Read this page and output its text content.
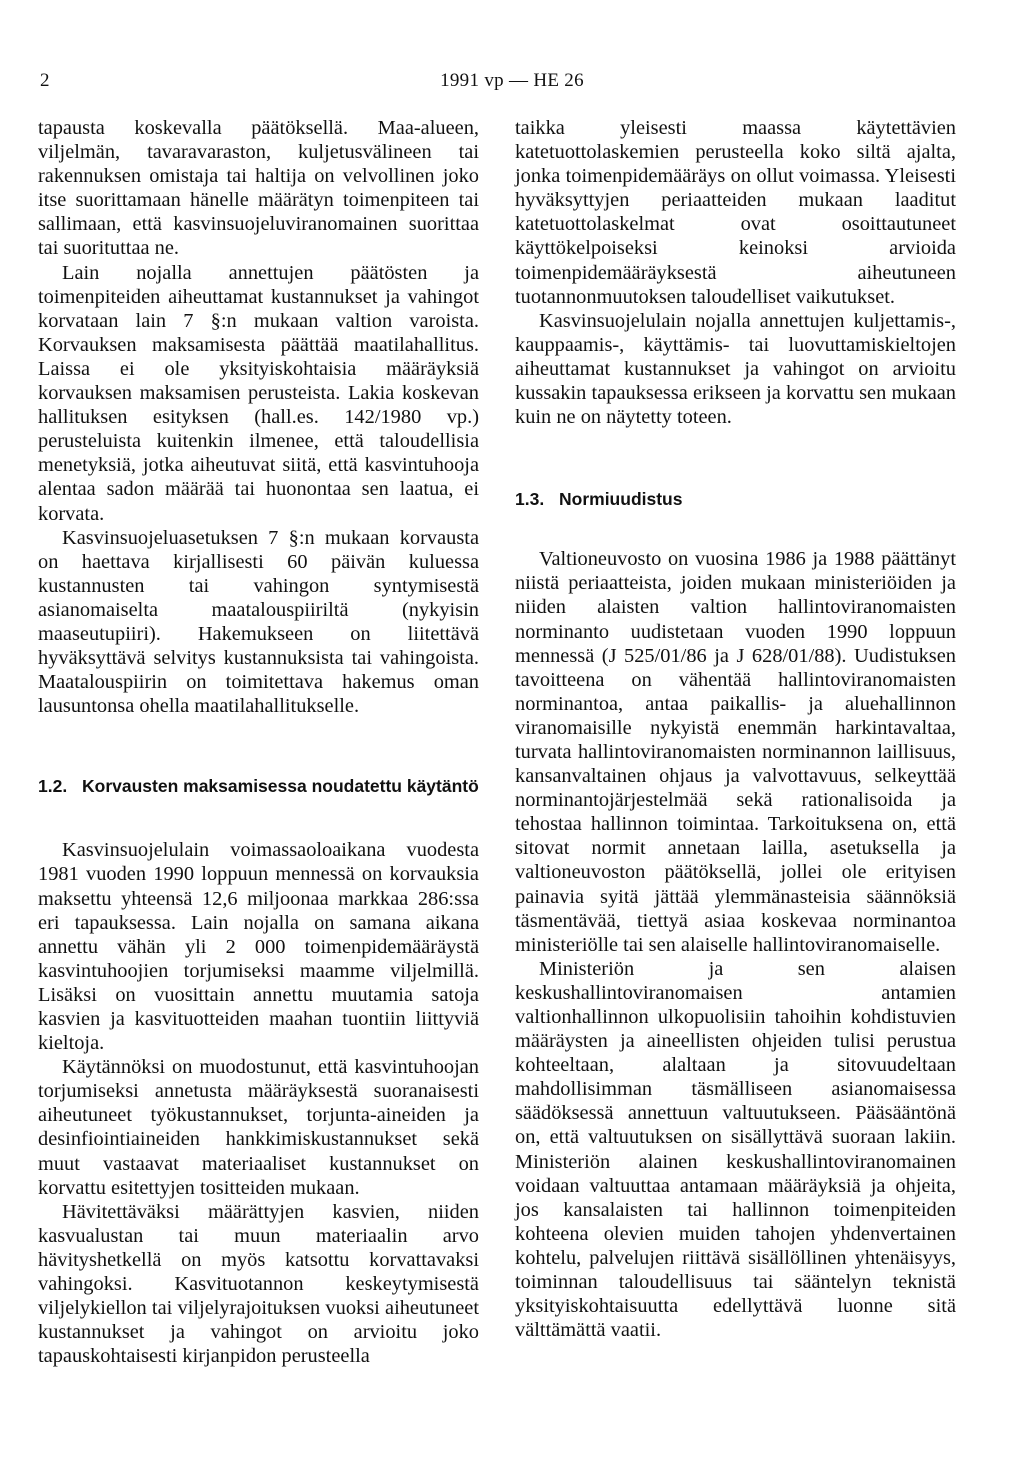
2	1991 vp — HE 26

tapausta koskevalla päätöksellä. Maa-alueen, viljelmän, tavaravaraston, kuljetusvälineen tai rakennuksen omistaja tai haltija on velvollinen joko itse suorittamaan hänelle määrätyn toimenpiteen tai sallimaan, että kasvinsuojeluviranomainen suorittaa tai suorituttaa ne.

Lain nojalla annettujen päätösten ja toimenpiteiden aiheuttamat kustannukset ja vahingot korvataan lain 7 §:n mukaan valtion varoista. Korvauksen maksamisesta päättää maatilahallitus. Laissa ei ole yksityiskohtaisia määräyksiä korvauksen maksamisen perusteista. Lakia koskevan hallituksen esityksen (hall.es. 142/1980 vp.) perusteluista kuitenkin ilmenee, että taloudellisia menetyksiä, jotka aiheutuvat siitä, että kasvintuhooja alentaa sadon määrää tai huonontaa sen laatua, ei korvata.

Kasvinsuojeluasetuksen 7 §:n mukaan korvausta on haettava kirjallisesti 60 päivän kuluessa kustannusten tai vahingon syntymisestä asianomaiselta maatalouspiiriltä (nykyisin maaseutupiiri). Hakemukseen on liitettävä hyväksyttävä selvitys kustannuksista tai vahingoista. Maatalouspiirin on toimitettava hakemus oman lausuntonsa ohella maatilahallitukselle.

1.2. Korvausten maksamisessa noudatettu käytäntö

Kasvinsuojelulain voimassaoloaikana vuodesta 1981 vuoden 1990 loppuun mennessä on korvauksia maksettu yhteensä 12,6 miljoonaa markkaa 286:ssa eri tapauksessa. Lain nojalla on samana aikana annettu vähän yli 2 000 toimenpidemääräystä kasvintuhoojien torjumiseksi maamme viljelmillä. Lisäksi on vuosittain annettu muutamia satoja kasvien ja kasvituotteiden maahan tuontiin liittyviä kieltoja.

Käytännöksi on muodostunut, että kasvintuhoojan torjumiseksi annetusta määräyksestä suoranaisesti aiheutuneet työkustannukset, torjunta-aineiden ja desinfiointiaineiden hankkimiskustannukset sekä muut vastaavat materiaaliset kustannukset on korvattu esitettyjen tositteiden mukaan.

Hävitettäväksi määrättyjen kasvien, niiden kasvualustan tai muun materiaalin arvo hävityshetkellä on myös katsottu korvattavaksi vahingoksi. Kasvituotannon keskeytymisestä viljelykiellon tai viljelyrajoituksen vuoksi aiheutuneet kustannukset ja vahingot on arvioitu joko tapauskohtaisesti kirjanpidon perusteella

taikka yleisesti maassa käytettävien katetuottolaskemien perusteella koko siltä ajalta, jonka toimenpidemääräys on ollut voimassa. Yleisesti hyväksyttyjen periaatteiden mukaan laaditut katetuottolaskelmat ovat osoittautuneet käyttökelpoiseksi keinoksi arvioida toimenpidemääräyksestä aiheutuneen tuotannonmuutoksen taloudelliset vaikutukset.

Kasvinsuojelulain nojalla annettujen kuljettamis-, kauppaamis-, käyttämis- tai luovuttamiskieltojen aiheuttamat kustannukset ja vahingot on arvioitu kussakin tapauksessa erikseen ja korvattu sen mukaan kuin ne on näytetty toteen.

1.3. Normiuudistus

Valtioneuvosto on vuosina 1986 ja 1988 päättänyt niistä periaatteista, joiden mukaan ministeriöiden ja niiden alaisten valtion hallintoviranomaisten norminanto uudistetaan vuoden 1990 loppuun mennessä (J 525/01/86 ja J 628/01/88). Uudistuksen tavoitteena on vähentää hallintoviranomaisten norminantoa, antaa paikallis- ja aluehallinnon viranomaisille nykyistä enemmän harkintavaltaa, turvata hallintoviranomaisten norminannon laillisuus, kansanvaltainen ohjaus ja valvottavuus, selkeyttää norminantojärjestelmää sekä rationalisoida ja tehostaa hallinnon toimintaa. Tarkoituksena on, että sitovat normit annetaan lailla, asetuksella ja valtioneuvoston päätöksellä, jollei ole erityisen painavia syitä jättää ylemmänasteisia säännöksiä täsmentävää, tiettyä asiaa koskevaa norminantoa ministeriölle tai sen alaiselle hallintoviranomaiselle.

Ministeriön ja sen alaisen keskushallintoviranomaisen antamien valtionhallinnon ulkopuolisiin tahoihin kohdistuvien määräysten ja aineellisten ohjeiden tulisi perustua kohteeltaan, alaltaan ja sitovuudeltaan mahdollisimman täsmälliseen asianomaisessa säädöksessä annettuun valtuutukseen. Pääsääntönä on, että valtuutuksen on sisällyttävä suoraan lakiin. Ministeriön alainen keskushallintoviranomainen voidaan valtuuttaa antamaan määräyksiä ja ohjeita, jos kansalaisten tai hallinnon toimenpiteiden kohteena olevien muiden tahojen yhdenvertainen kohtelu, palvelujen riittävä sisällöllinen yhtenäisyys, toiminnan taloudellisuus tai sääntelyn teknistä yksityiskohtaisuutta edellyttävä luonne sitä välttämättä vaatii.
